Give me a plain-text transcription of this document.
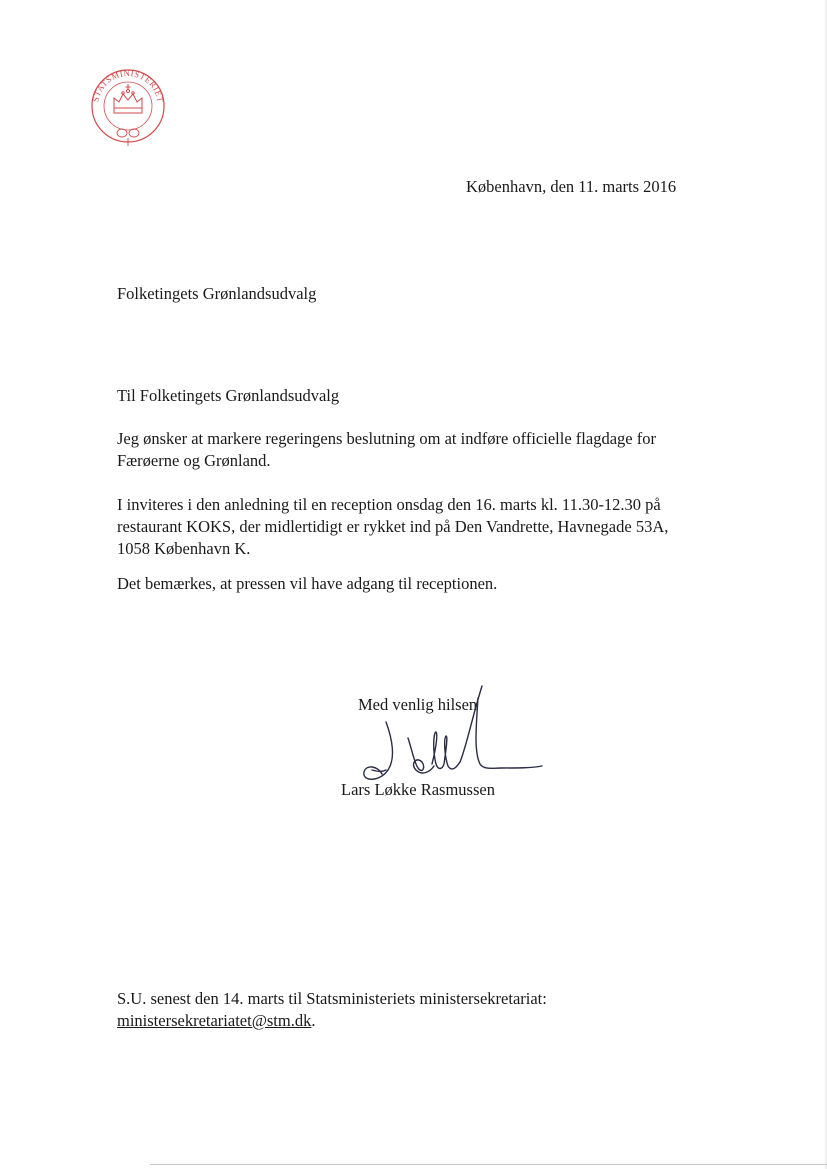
STATSMINISTERIET
København, den 11. marts 2016
Folketingets Grønlandsudvalg
Til Folketingets Grønlandsudvalg
Jeg ønsker at markere regeringens beslutning om at indføre officielle flagdage for
Færøerne og Grønland.
I inviteres i den anledning til en reception onsdag den 16. marts kl. 11.30-12.30 på
restaurant KOKS, der midlertidigt er rykket ind på Den Vandrette, Havnegade 53A,
1058 København K.
Det bemærkes, at pressen vil have adgang til receptionen.
Med venlig hilsen
Lars Løkke Rasmussen
S.U. senest den 14. marts til Statsministeriets ministersekretariat:
ministersekretariatet@stm.dk.
